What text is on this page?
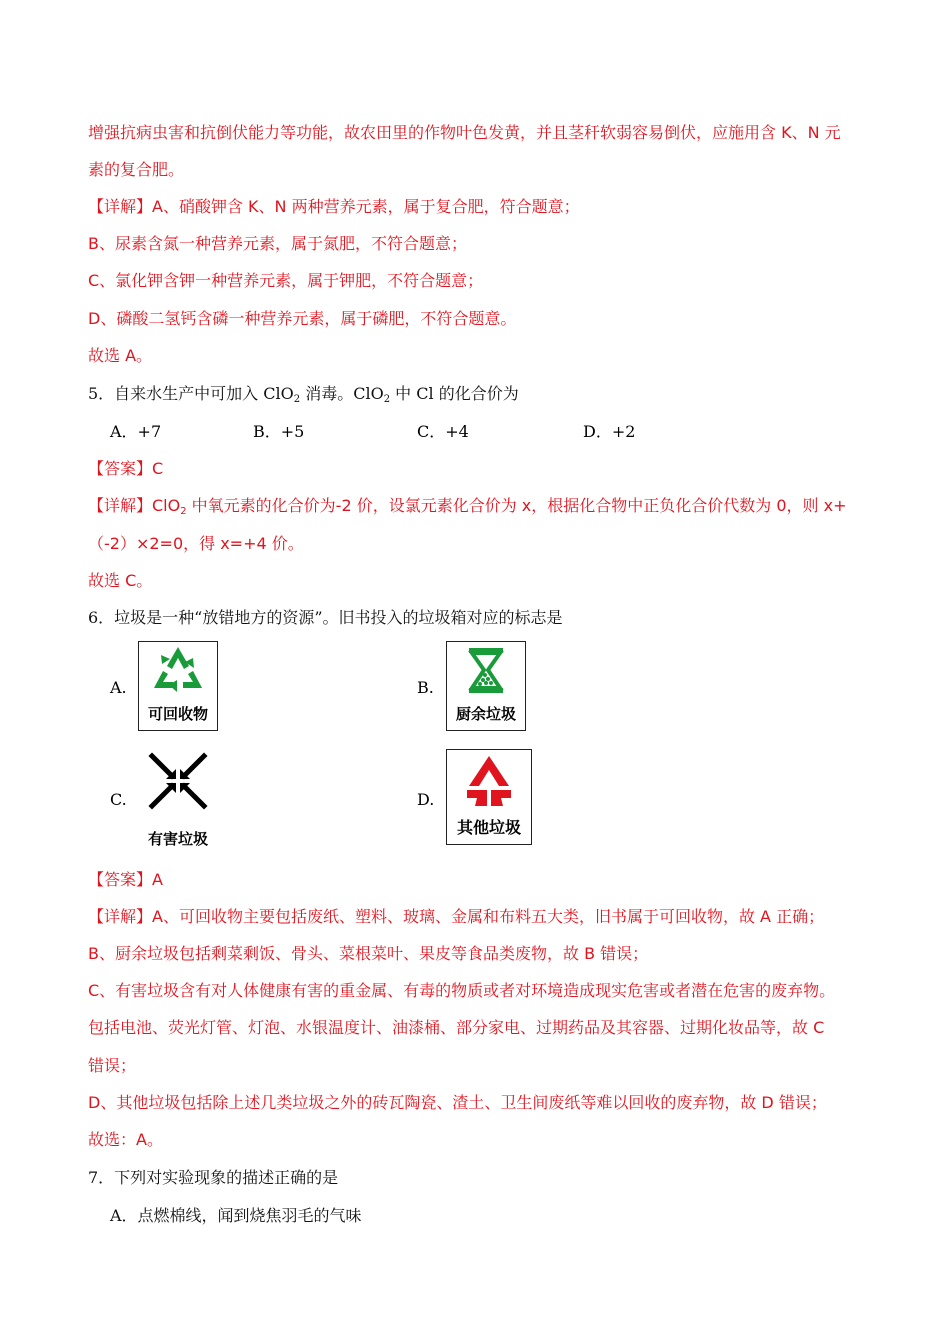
增强抗病虫害和抗倒伏能力等功能，故农田里的作物叶色发黄，并且茎秆软弱容易倒伏，应施用含 K、N 元
素的复合肥。
【详解】A、硝酸钾含 K、N 两种营养元素，属于复合肥，符合题意；
B、尿素含氮一种营养元素，属于氮肥，不符合题意；
C、氯化钾含钾一种营养元素，属于钾肥，不符合题意；
D、磷酸二氢钙含磷一种营养元素，属于磷肥，不符合题意。
故选 A。
5．自来水生产中可加入 ClO$_2$ 消毒。ClO$_2$ 中 Cl 的化合价为
A．+7	B．+5	C．+4	D．+2
【答案】C
【详解】ClO$_2$ 中氧元素的化合价为-2 价，设氯元素化合价为 x，根据化合物中正负化合价代数为 0，则 x+
（-2）×2=0，得 x=+4 价。
故选 C。
6．垃圾是一种“放错地方的资源”。旧书投入的垃圾箱对应的标志是
A.
可回收物
B.
厨余垃圾
C.
有害垃圾
D.
其他垃圾
【答案】A
【详解】A、可回收物主要包括废纸、塑料、玻璃、金属和布料五大类，旧书属于可回收物，故 A 正确；
B、厨余垃圾包括剩菜剩饭、骨头、菜根菜叶、果皮等食品类废物，故 B 错误；
C、有害垃圾含有对人体健康有害的重金属、有毒的物质或者对环境造成现实危害或者潜在危害的废弃物。
包括电池、荧光灯管、灯泡、水银温度计、油漆桶、部分家电、过期药品及其容器、过期化妆品等，故 C
错误；
D、其他垃圾包括除上述几类垃圾之外的砖瓦陶瓷、渣土、卫生间废纸等难以回收的废弃物，故 D 错误；
故选：A。
7．下列对实验现象的描述正确的是
A．点燃棉线，闻到烧焦羽毛的气味
